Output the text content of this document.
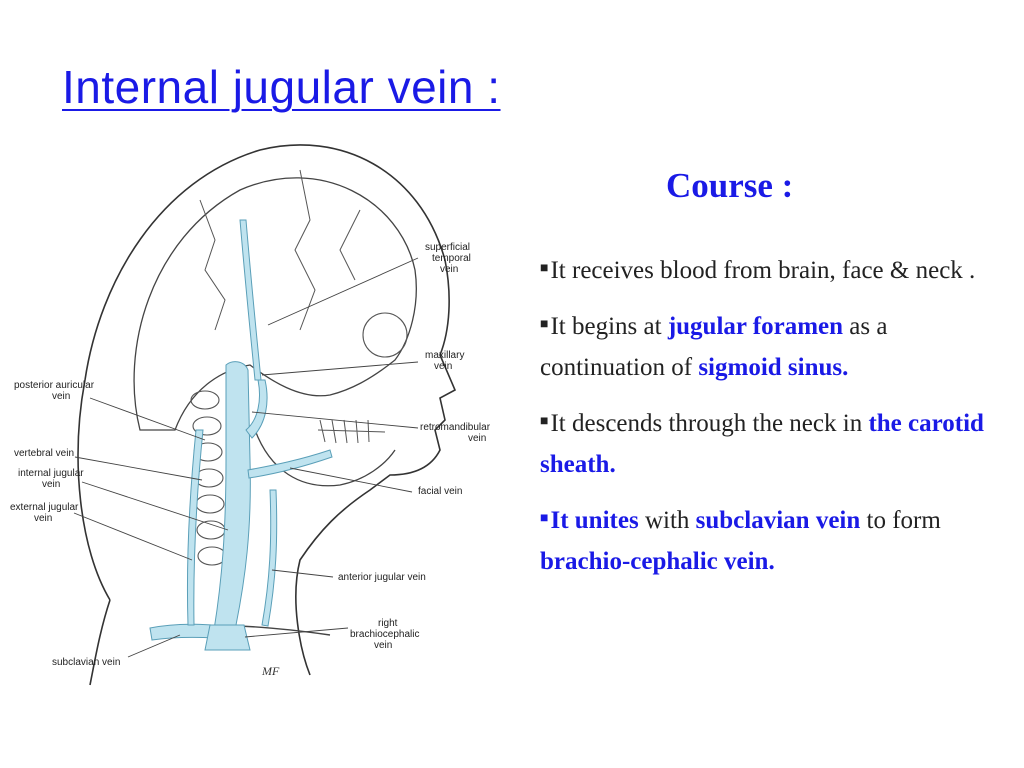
Internal jugular vein :
superficial temporal vein
maxillary vein
posterior auricular vein
retromandibular vein
vertebral vein
internal jugular vein
facial vein
external jugular vein
anterior jugular vein
right brachiocephalic vein
subclavian vein
MF
Course :

■It receives blood from brain, face & neck .

■It begins at jugular foramen as a continuation of sigmoid sinus.

■It descends through the neck in the carotid sheath.

■It unites with subclavian vein to form brachio-cephalic vein.
